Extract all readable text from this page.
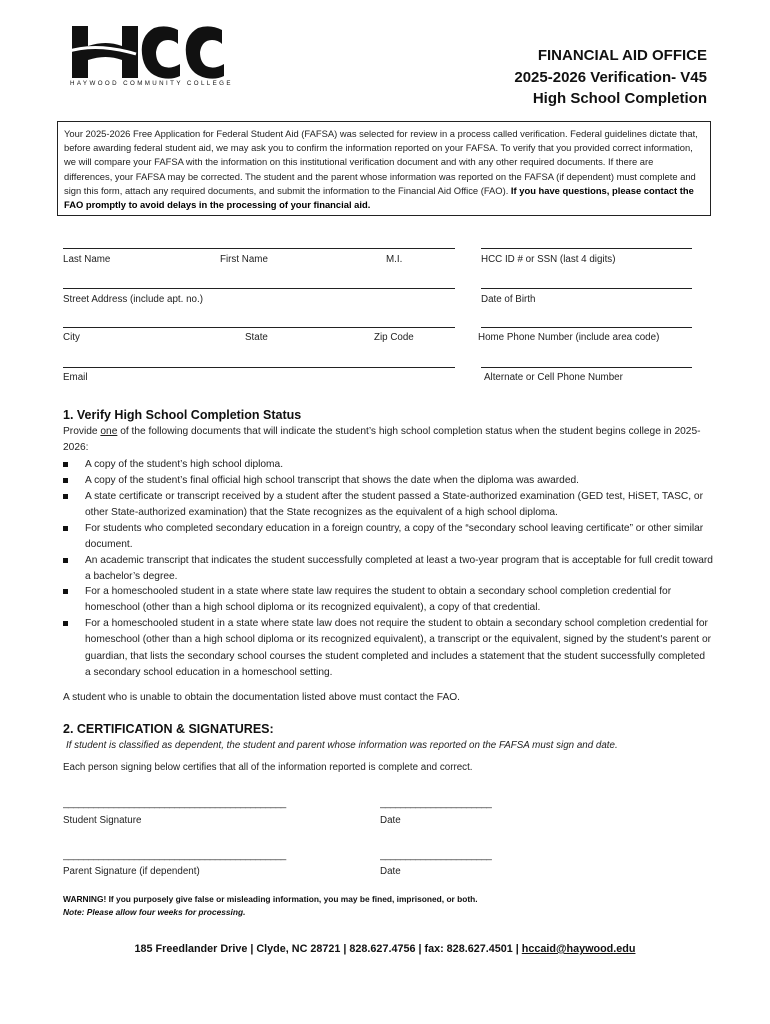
HAYWOOD COMMUNITY COLLEGE
FINANCIAL AID OFFICE
2025-2026 Verification- V45
High School Completion
Your 2025-2026 Free Application for Federal Student Aid (FAFSA) was selected for review in a process called verification. Federal guidelines dictate that, before awarding federal student aid, we may ask you to confirm the information reported on your FAFSA. To verify that you provided correct information, we will compare your FAFSA with the information on this institutional verification document and with any other required documents. If there are differences, your FAFSA may be corrected. The student and the parent whose information was reported on the FAFSA (if dependent) must complete and sign this form, attach any required documents, and submit the information to the Financial Aid Office (FAO). If you have questions, please contact the FAO promptly to avoid delays in the processing of your financial aid.
Last Name	First Name	M.I.	HCC ID # or SSN (last 4 digits)
Street Address (include apt. no.)	Date of Birth
City	State	Zip Code	Home Phone Number (include area code)
Email	Alternate or Cell Phone Number
1. Verify High School Completion Status
Provide one of the following documents that will indicate the student’s high school completion status when the student begins college in 2025-2026:
A copy of the student’s high school diploma.
A copy of the student’s final official high school transcript that shows the date when the diploma was awarded.
A state certificate or transcript received by a student after the student passed a State-authorized examination (GED test, HiSET, TASC, or other State-authorized examination) that the State recognizes as the equivalent of a high school diploma.
For students who completed secondary education in a foreign country, a copy of the “secondary school leaving certificate” or other similar document.
An academic transcript that indicates the student successfully completed at least a two-year program that is acceptable for full credit toward a bachelor’s degree.
For a homeschooled student in a state where state law requires the student to obtain a secondary school completion credential for homeschool (other than a high school diploma or its recognized equivalent), a copy of that credential.
For a homeschooled student in a state where state law does not require the student to obtain a secondary school completion credential for homeschool (other than a high school diploma or its recognized equivalent), a transcript or the equivalent, signed by the student's parent or guardian, that lists the secondary school courses the student completed and includes a statement that the student successfully completed a secondary school education in a homeschool setting.
A student who is unable to obtain the documentation listed above must contact the FAO.
2. CERTIFICATION & SIGNATURES:
If student is classified as dependent, the student and parent whose information was reported on the FAFSA must sign and date.
Each person signing below certifies that all of the information reported is complete and correct.
____________________________________________	______________________
Student Signature	Date
____________________________________________	______________________
Parent Signature (if dependent)	Date
WARNING! If you purposely give false or misleading information, you may be fined, imprisoned, or both.
Note: Please allow four weeks for processing.
185 Freedlander Drive | Clyde, NC 28721 | 828.627.4756 | fax: 828.627.4501 | hccaid@haywood.edu
